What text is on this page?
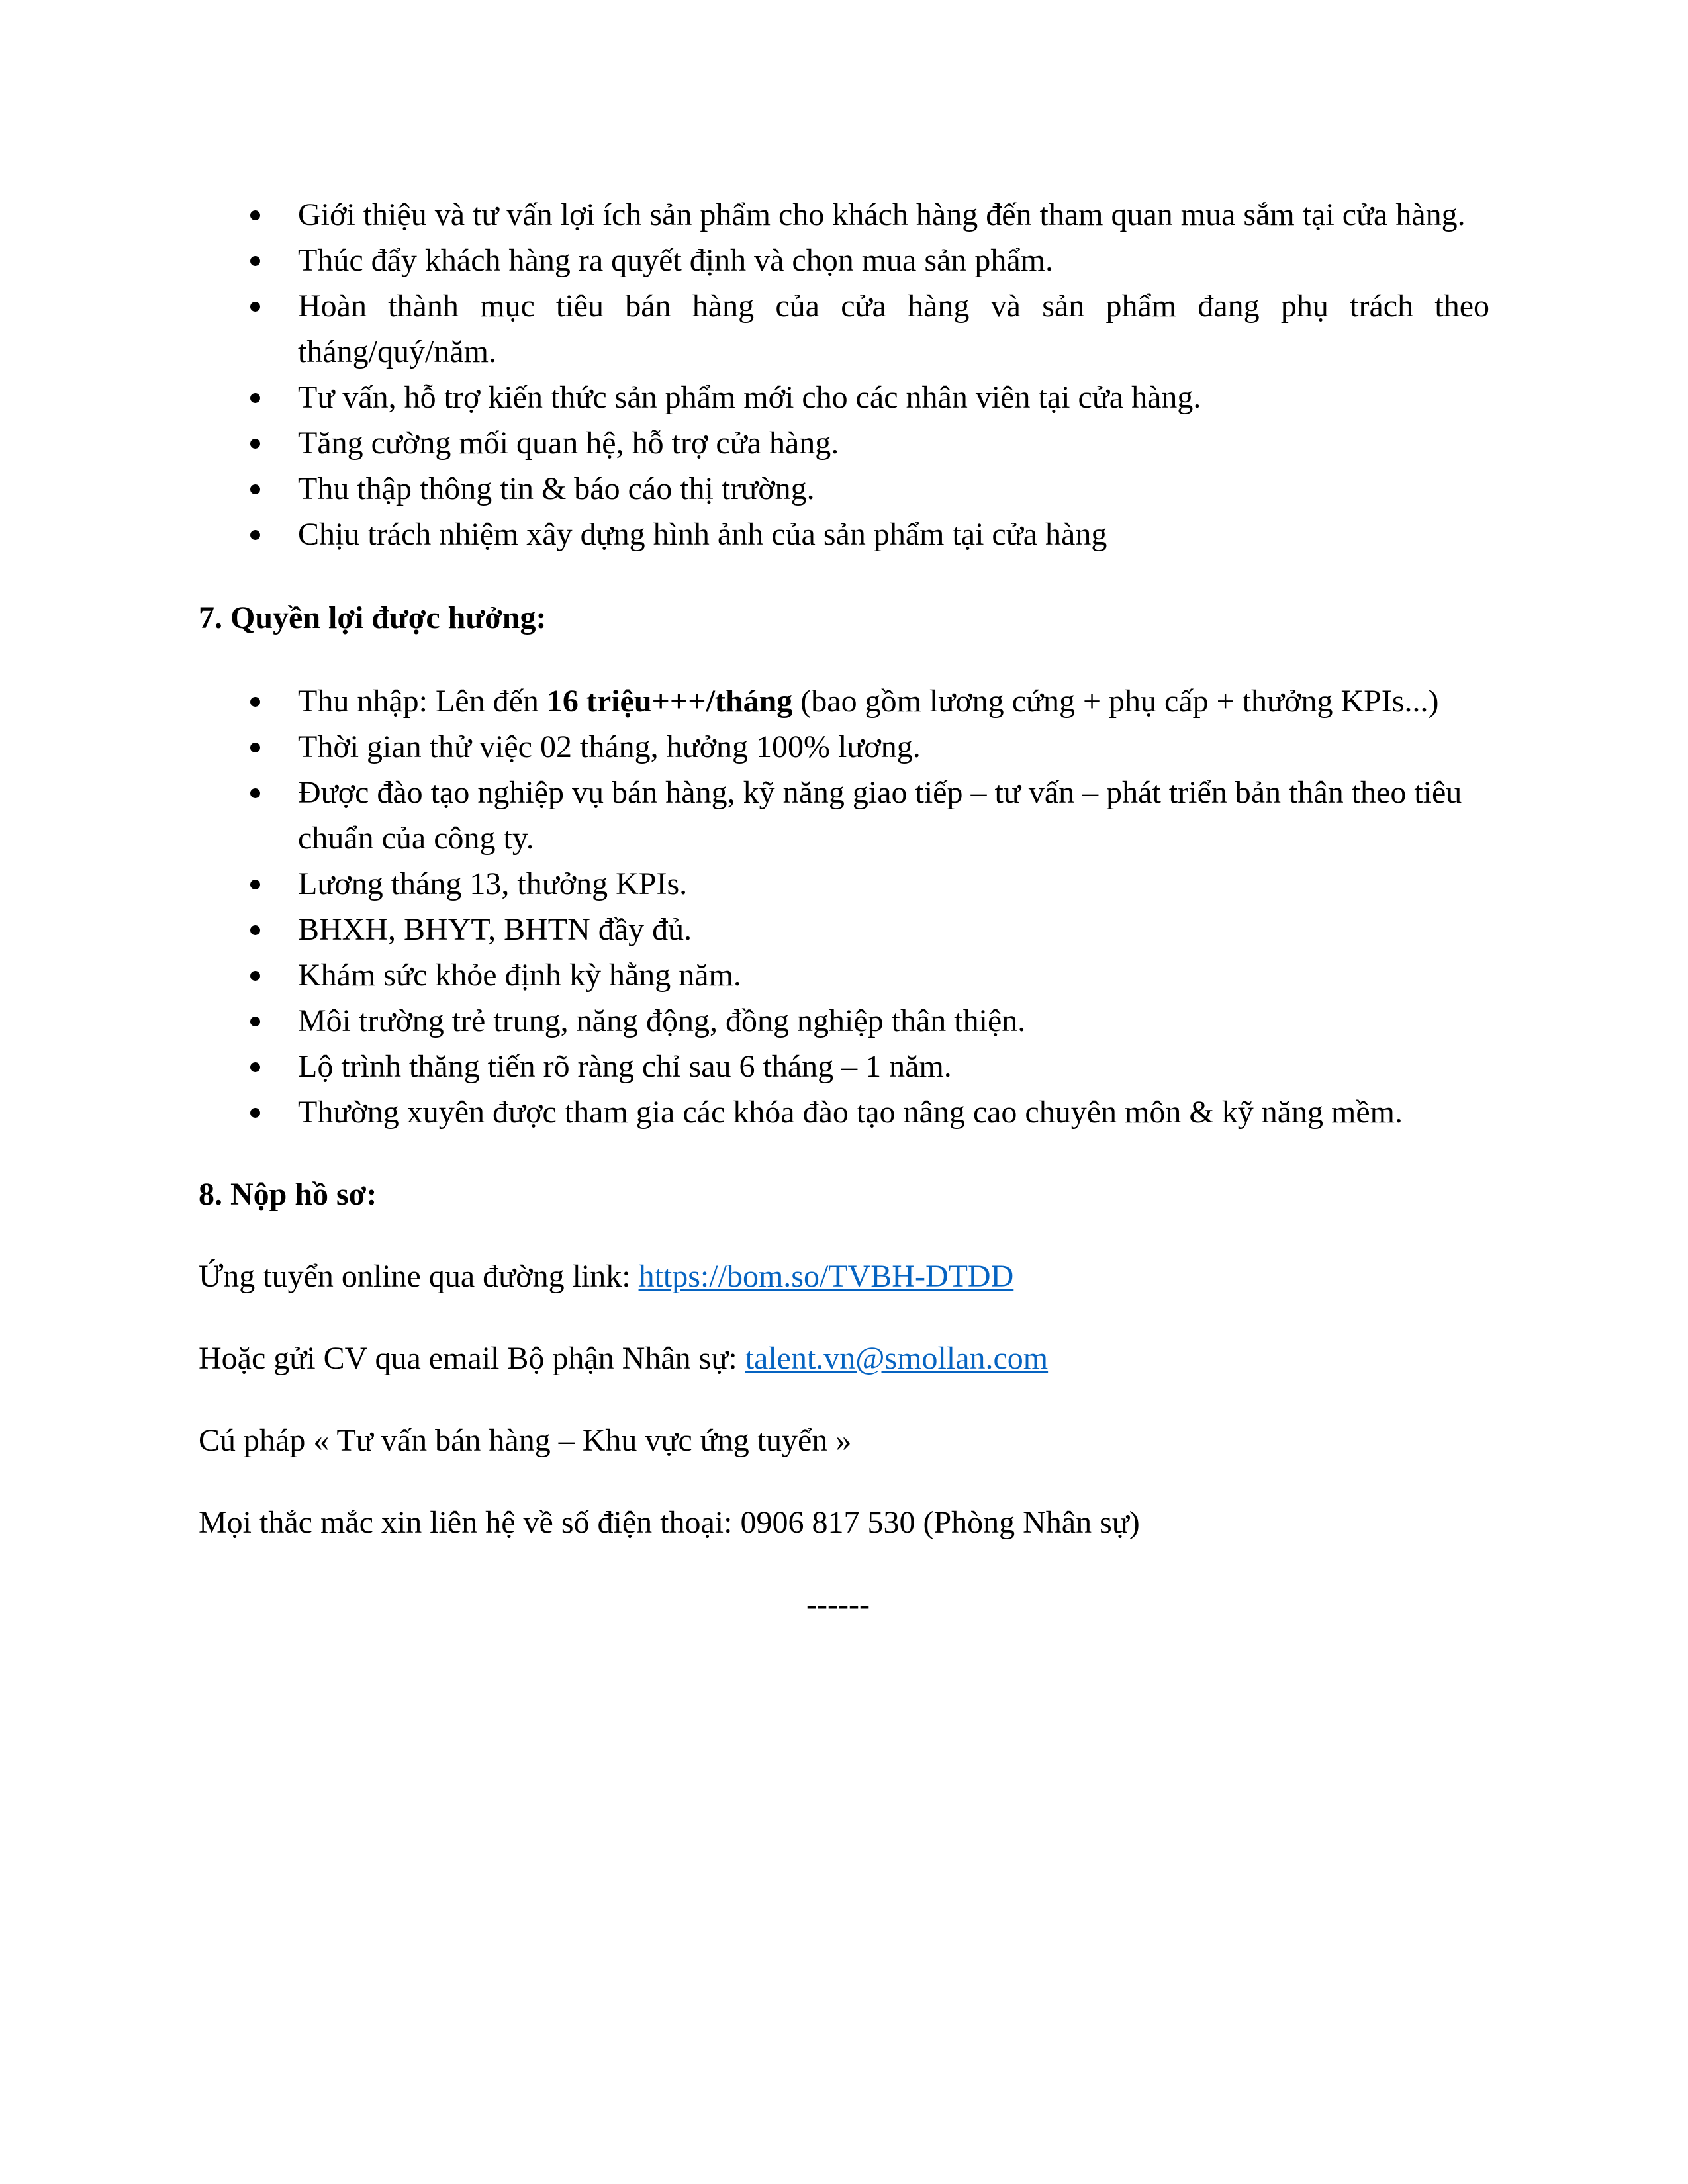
Giới thiệu và tư vấn lợi ích sản phẩm cho khách hàng đến tham quan mua sắm tại cửa hàng.
Thúc đẩy khách hàng ra quyết định và chọn mua sản phẩm.
Hoàn thành mục tiêu bán hàng của cửa hàng và sản phẩm đang phụ trách theo tháng/quý/năm.
Tư vấn, hỗ trợ kiến thức sản phẩm mới cho các nhân viên tại cửa hàng.
Tăng cường mối quan hệ, hỗ trợ cửa hàng.
Thu thập thông tin & báo cáo thị trường.
Chịu trách nhiệm xây dựng hình ảnh của sản phẩm tại cửa hàng
7. Quyền lợi được hưởng:
Thu nhập: Lên đến 16 triệu+++/tháng (bao gồm lương cứng + phụ cấp + thưởng KPIs...)
Thời gian thử việc 02 tháng, hưởng 100% lương.
Được đào tạo nghiệp vụ bán hàng, kỹ năng giao tiếp – tư vấn – phát triển bản thân theo tiêu chuẩn của công ty.
Lương tháng 13, thưởng KPIs.
BHXH, BHYT, BHTN đầy đủ.
Khám sức khỏe định kỳ hằng năm.
Môi trường trẻ trung, năng động, đồng nghiệp thân thiện.
Lộ trình thăng tiến rõ ràng chỉ sau 6 tháng – 1 năm.
Thường xuyên được tham gia các khóa đào tạo nâng cao chuyên môn & kỹ năng mềm.
8. Nộp hồ sơ:
Ứng tuyển online qua đường link: https://bom.so/TVBH-DTDD
Hoặc gửi CV qua email Bộ phận Nhân sự: talent.vn@smollan.com
Cú pháp « Tư vấn bán hàng – Khu vực ứng tuyển »
Mọi thắc mắc xin liên hệ về số điện thoại: 0906 817 530 (Phòng Nhân sự)
------
